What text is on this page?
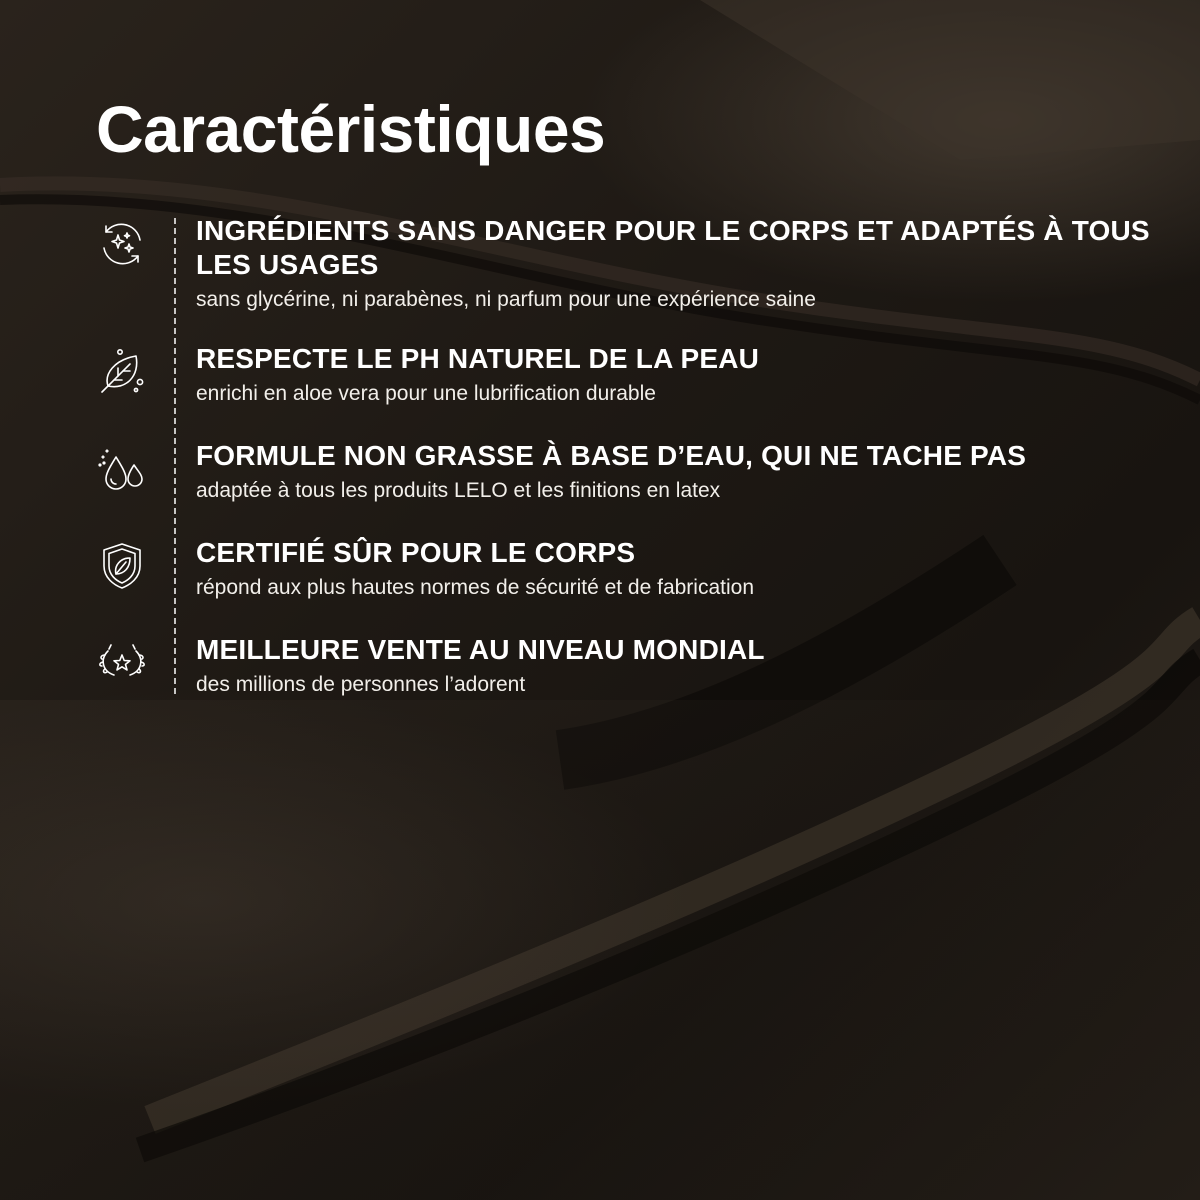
Caractéristiques

INGRÉDIENTS SANS DANGER POUR LE CORPS ET ADAPTÉS À TOUS LES USAGES

sans glycérine, ni parabènes, ni parfum pour une expérience saine

RESPECTE LE PH NATUREL DE LA PEAU

enrichi en aloe vera pour une lubrification durable

FORMULE NON GRASSE À BASE D’EAU, QUI NE TACHE PAS

adaptée à tous les produits LELO et les finitions en latex

CERTIFIÉ SÛR POUR LE CORPS

répond aux plus hautes normes de sécurité et de fabrication

MEILLEURE VENTE AU NIVEAU MONDIAL

des millions de personnes l’adorent
